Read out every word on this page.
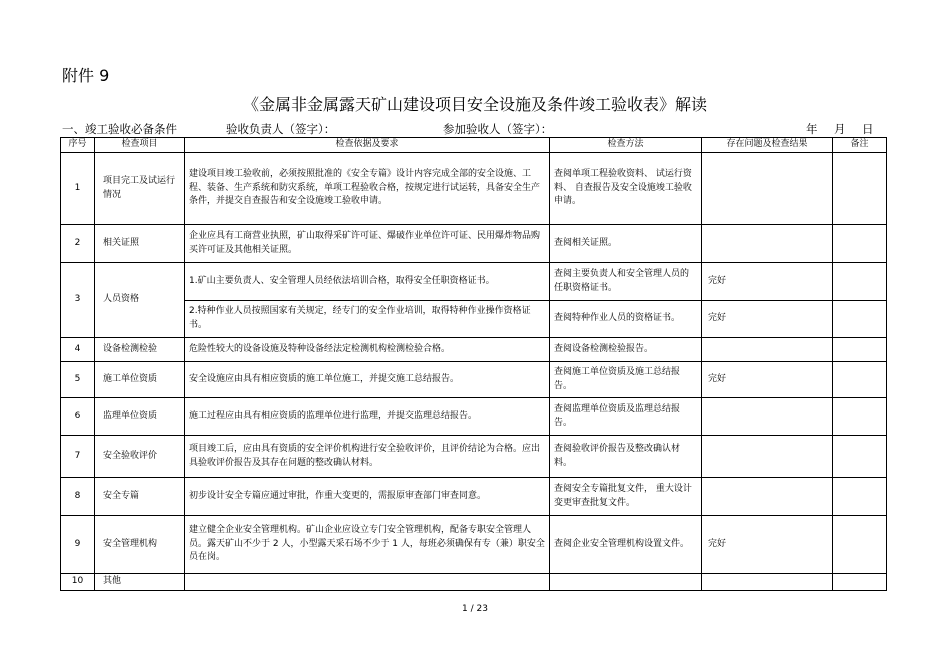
附件 9
《金属非金属露天矿山建设项目安全设施及条件竣工验收表》解读
一、竣工验收必备条件	验收负责人（签字）：	参加验收人（签字）：	年 月 日
序号	检查项目	检查依据及要求	检查方法	存在问题及检查结果	备注
1	项目完工及试运行情况	建设项目竣工验收前，必须按照批准的《安全专篇》设计内容完成全部的安全设施、工程、装备、生产系统和防灾系统，单项工程验收合格，按规定进行试运转，具备安全生产条件，并提交自查报告和安全设施竣工验收申请。	查阅单项工程验收资料、 试运行资料、 自查报告及安全设施竣工验收申请。		
2	相关证照	企业应具有工商营业执照，矿山取得采矿许可证、爆破作业单位许可证、民用爆炸物品购买许可证及其他相关证照。	查阅相关证照。		
3	人员资格	1.矿山主要负责人、安全管理人员经依法培训合格，取得安全任职资格证书。	查阅主要负责人和安全管理人员的任职资格证书。	完好	
		2.特种作业人员按照国家有关规定，经专门的安全作业培训，取得特种作业操作资格证书。	查阅特种作业人员的资格证书。	完好	
4	设备检测检验	危险性较大的设备设施及特种设备经法定检测机构检测检验合格。	查阅设备检测检验报告。		
5	施工单位资质	安全设施应由具有相应资质的施工单位施工，并提交施工总结报告。	查阅施工单位资质及施工总结报告。	完好	
6	监理单位资质	施工过程应由具有相应资质的监理单位进行监理，并提交监理总结报告。	查阅监理单位资质及监理总结报告。		
7	安全验收评价	项目竣工后，应由具有资质的安全评价机构进行安全验收评价，且评价结论为合格。应出具验收评价报告及其存在问题的整改确认材料。	查阅验收评价报告及整改确认材料。		
8	安全专篇	初步设计安全专篇应通过审批，作重大变更的，需报原审查部门审查同意。	查阅安全专篇批复文件， 重大设计变更审查批复文件。		
9	安全管理机构	建立健全企业安全管理机构。矿山企业应设立专门安全管理机构，配备专职安全管理人员。露天矿山不少于 2 人，小型露天采石场不少于 1 人，每班必须确保有专（兼）职安全员在岗。	查阅企业安全管理机构设置文件。	完好	
10	其他				
1 / 23
